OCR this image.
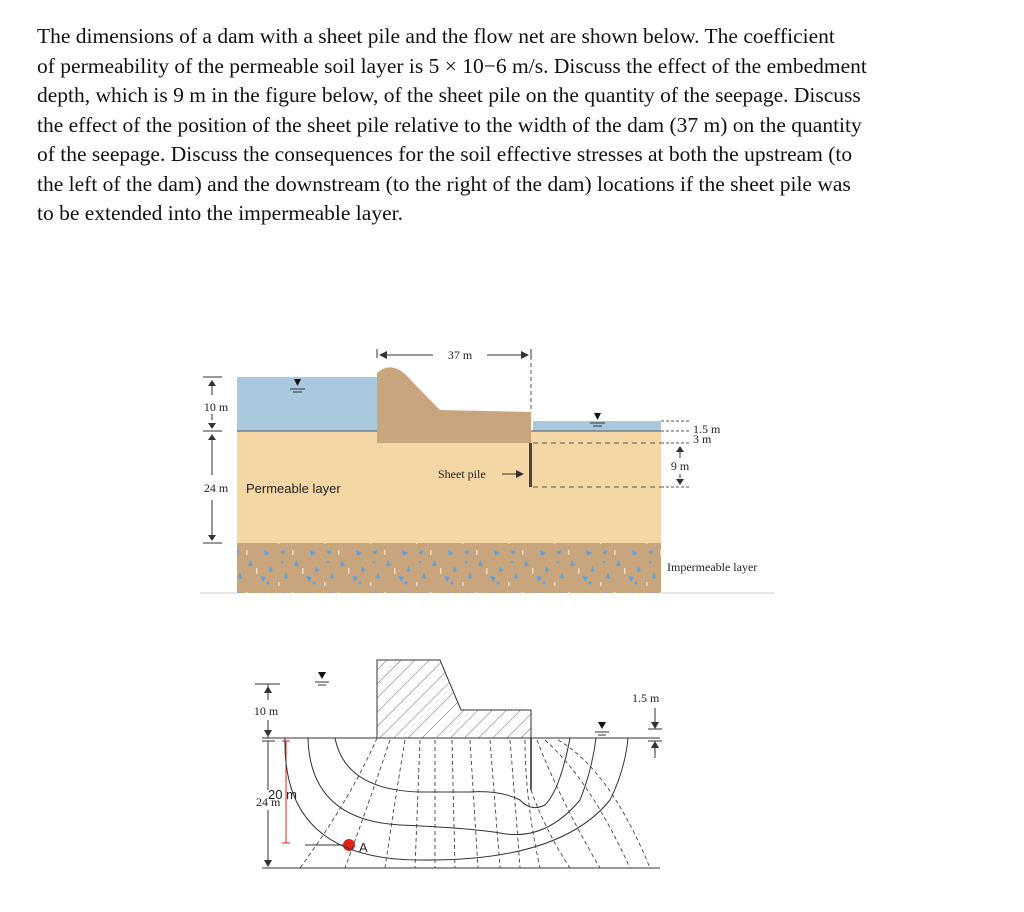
The dimensions of a dam with a sheet pile and the flow net are shown below. The coefficient
of permeability of the permeable soil layer is 5 × 10−6 m/s. Discuss the effect of the embedment
depth, which is 9 m in the figure below, of the sheet pile on the quantity of the seepage. Discuss
the effect of the position of the sheet pile relative to the width of the dam (37 m) on the quantity
of the seepage. Discuss the consequences for the soil effective stresses at both the upstream (to
the left of the dam) and the downstream (to the right of the dam) locations if the sheet pile was
to be extended into the impermeable layer.

37 m
10 m
24 m Permeable layer
Sheet pile
1.5 m
3 m
9 m
Impermeable layer
10 m
24 m
20 m
A
1.5 m
